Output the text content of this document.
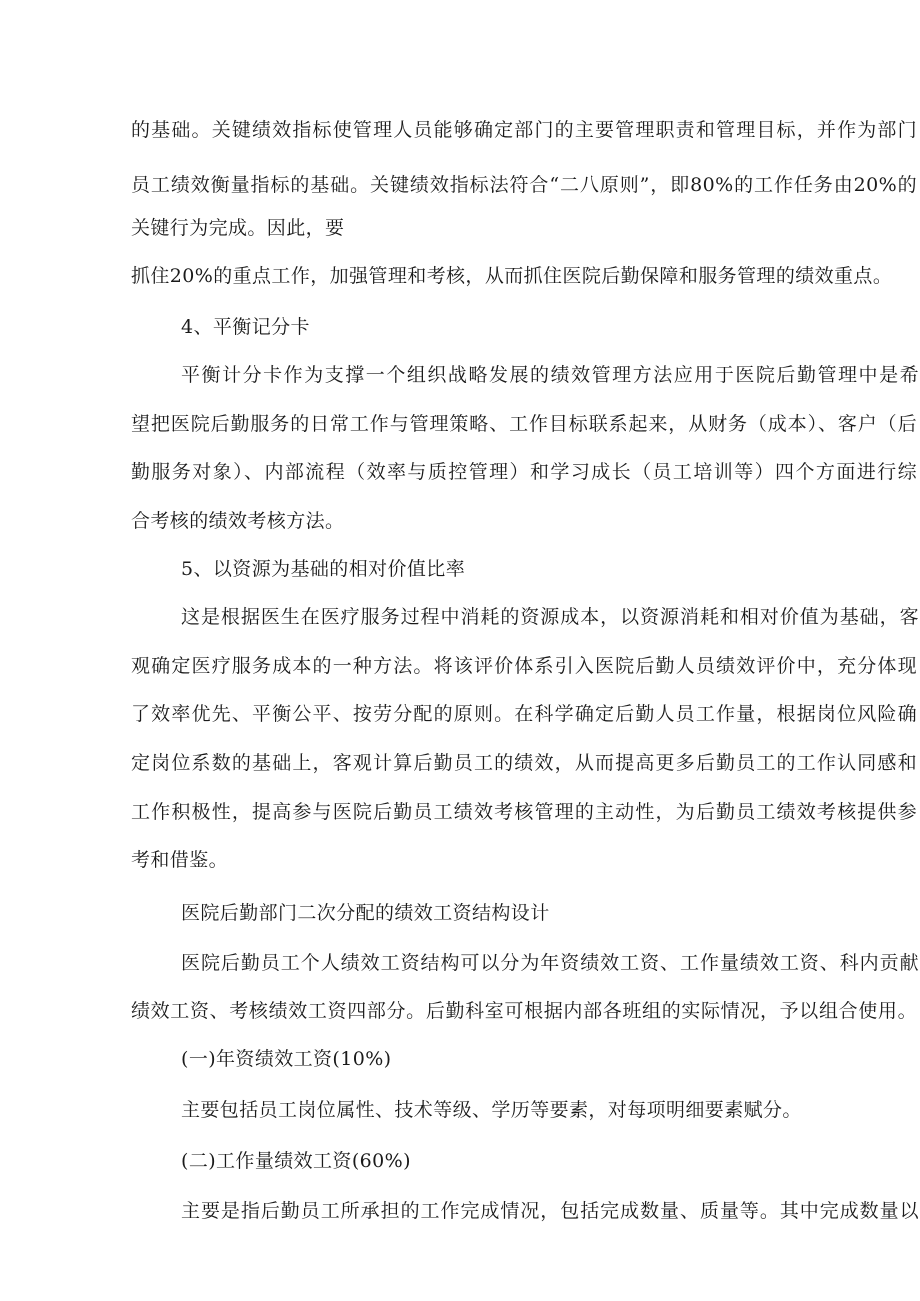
的基础。关键绩效指标使管理人员能够确定部门的主要管理职责和管理目标，并作为部门
员工绩效衡量指标的基础。关键绩效指标法符合“二八原则”，即80%的工作任务由20%的
关键行为完成。因此，要
抓住20%的重点工作，加强管理和考核，从而抓住医院后勤保障和服务管理的绩效重点。
4、平衡记分卡
平衡计分卡作为支撑一个组织战略发展的绩效管理方法应用于医院后勤管理中是希
望把医院后勤服务的日常工作与管理策略、工作目标联系起来，从财务（成本）、客户（后
勤服务对象）、内部流程（效率与质控管理）和学习成长（员工培训等）四个方面进行综
合考核的绩效考核方法。
5、以资源为基础的相对价值比率
这是根据医生在医疗服务过程中消耗的资源成本，以资源消耗和相对价值为基础，客
观确定医疗服务成本的一种方法。将该评价体系引入医院后勤人员绩效评价中，充分体现
了效率优先、平衡公平、按劳分配的原则。在科学确定后勤人员工作量，根据岗位风险确
定岗位系数的基础上，客观计算后勤员工的绩效，从而提高更多后勤员工的工作认同感和
工作积极性，提高参与医院后勤员工绩效考核管理的主动性，为后勤员工绩效考核提供参
考和借鉴。
医院后勤部门二次分配的绩效工资结构设计
医院后勤员工个人绩效工资结构可以分为年资绩效工资、工作量绩效工资、科内贡献
绩效工资、考核绩效工资四部分。后勤科室可根据内部各班组的实际情况，予以组合使用。
(一)年资绩效工资(10%)
主要包括员工岗位属性、技术等级、学历等要素，对每项明细要素赋分。
(二)工作量绩效工资(60%)
主要是指后勤员工所承担的工作完成情况，包括完成数量、质量等。其中完成数量以
